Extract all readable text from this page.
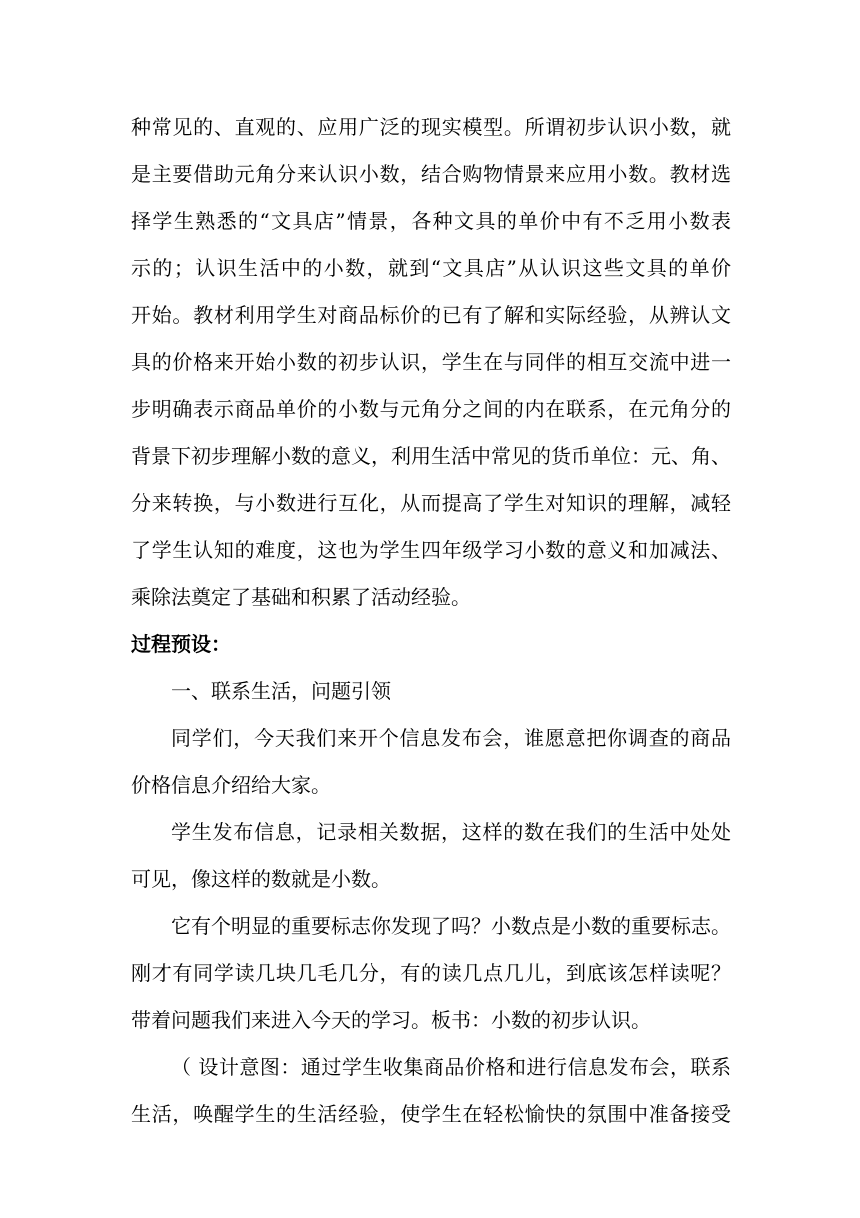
种常见的、直观的、应用广泛的现实模型。所谓初步认识小数，就
是主要借助元角分来认识小数，结合购物情景来应用小数。教材选
择学生熟悉的“文具店”情景，各种文具的单价中有不乏用小数表
示的；认识生活中的小数，就到“文具店”从认识这些文具的单价
开始。教材利用学生对商品标价的已有了解和实际经验，从辨认文
具的价格来开始小数的初步认识，学生在与同伴的相互交流中进一
步明确表示商品单价的小数与元角分之间的内在联系，在元角分的
背景下初步理解小数的意义，利用生活中常见的货币单位：元、角、
分来转换，与小数进行互化，从而提高了学生对知识的理解，减轻
了学生认知的难度，这也为学生四年级学习小数的意义和加减法、
乘除法奠定了基础和积累了活动经验。
过程预设：
一、联系生活，问题引领
同学们，今天我们来开个信息发布会，谁愿意把你调查的商品
价格信息介绍给大家。
学生发布信息，记录相关数据，这样的数在我们的生活中处处
可见，像这样的数就是小数。
它有个明显的重要标志你发现了吗？小数点是小数的重要标志。
刚才有同学读几块几毛几分，有的读几点几儿，到底该怎样读呢？
带着问题我们来进入今天的学习。板书：小数的初步认识。
（ 设计意图：通过学生收集商品价格和进行信息发布会，联系
生活，唤醒学生的生活经验，使学生在轻松愉快的氛围中准备接受
